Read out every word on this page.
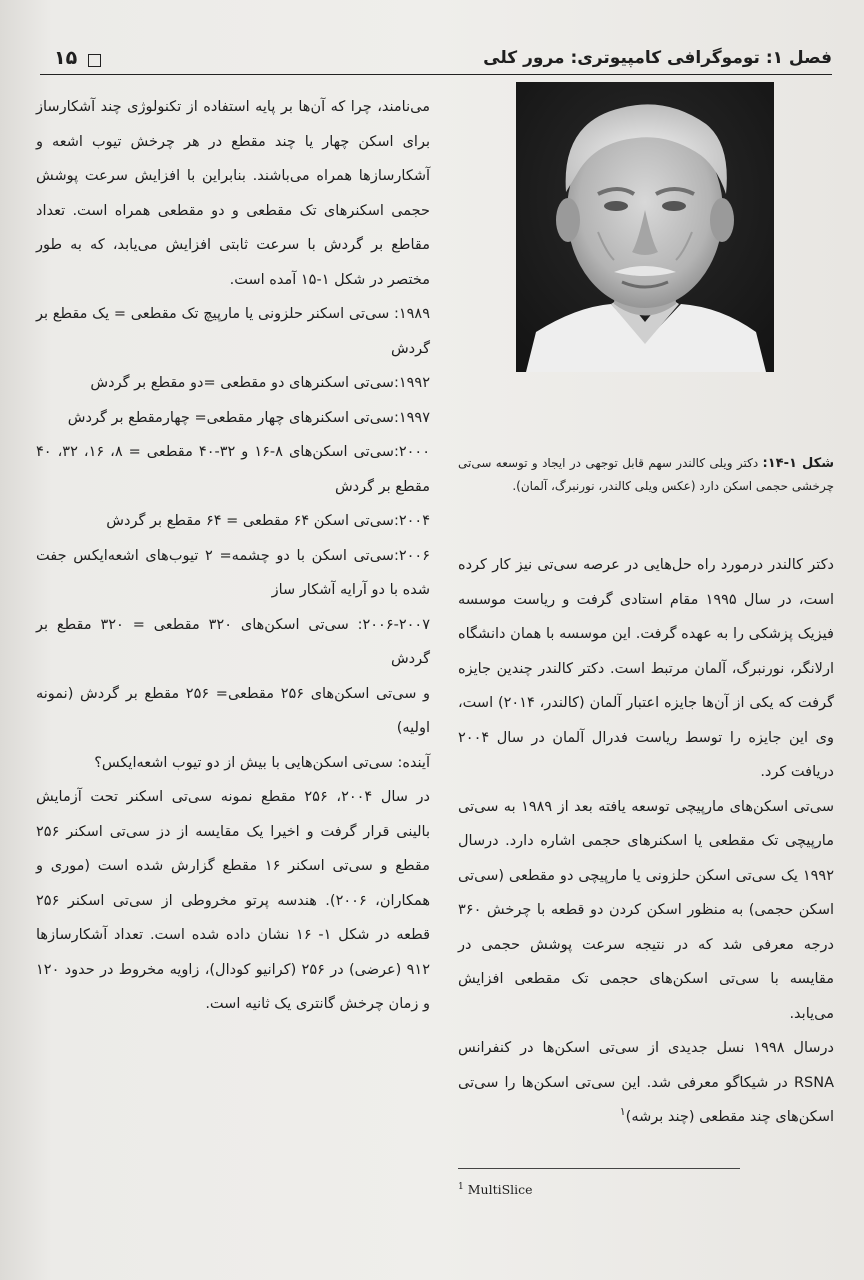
فصل ۱: توموگرافی کامپیوتری: مرور کلی
۱۵

می‌نامند، چرا که آن‌ها بر پایه استفاده از تکنولوژی چند آشکارساز برای اسکن چهار یا چند مقطع در هر چرخش تیوب اشعه و آشکارسازها همراه می‌باشند. بنابراین با افزایش سرعت پوشش حجمی اسکنرهای تک مقطعی و دو مقطعی همراه است. تعداد مقاطع بر گردش با سرعت ثابتی افزایش می‌یابد، که به طور مختصر در شکل ۱-۱۵ آمده است.

۱۹۸۹: سی‌تی اسکنر حلزونی یا مارپیچ تک مقطعی = یک مقطع بر گردش

۱۹۹۲:سی‌تی اسکنرهای دو مقطعی =دو مقطع بر گردش

۱۹۹۷:سی‌تی اسکنرهای چهار مقطعی= چهارمقطع بر گردش

۲۰۰۰:سی‌تی اسکن‌های ۸-۱۶ و ۳۲-۴۰ مقطعی = ۸، ۱۶، ۳۲، ۴۰ مقطع بر گردش

۲۰۰۴:سی‌تی اسکن ۶۴ مقطعی = ۶۴ مقطع بر گردش

۲۰۰۶:سی‌تی اسکن با دو چشمه= ۲ تیوب‌های اشعه‌ایکس جفت شده با دو آرایه آشکار ساز

۲۰۰۶-۲۰۰۷: سی‌تی اسکن‌های ۳۲۰ مقطعی = ۳۲۰ مقطع بر گردش

و سی‌تی اسکن‌های ۲۵۶ مقطعی= ۲۵۶ مقطع بر گردش (نمونه اولیه)

آینده: سی‌تی اسکن‌هایی با بیش از دو تیوب اشعه‌ایکس؟

در سال ۲۰۰۴، ۲۵۶ مقطع نمونه سی‌تی اسکنر تحت آزمایش بالینی قرار گرفت و اخیرا یک مقایسه از دز سی‌تی اسکنر ۲۵۶ مقطع و سی‌تی اسکنر ۱۶ مقطع گزارش شده است (موری و همکاران، ۲۰۰۶). هندسه پرتو مخروطی از سی‌تی اسکنر ۲۵۶ قطعه در شکل ۱- ۱۶ نشان داده شده است. تعداد آشکارسازها ۹۱۲ (عرضی) در ۲۵۶ (کرانیو کودال)، زاویه مخروط در حدود ۱۲۰ و زمان چرخش گانتری یک ثانیه است.

شکل ۱-۱۴: دکتر ویلی کالندر سهم قابل توجهی در ایجاد و توسعه سی‌تی چرخشی حجمی اسکن دارد (عکس ویلی کالندر، نورنبرگ، آلمان).

دکتر کالندر درمورد راه حل‌هایی در عرصه سی‌تی نیز کار کرده است، در سال ۱۹۹۵ مقام استادی گرفت و ریاست موسسه فیزیک پزشکی را به عهده گرفت. این موسسه با همان دانشگاه ارلانگر، نورنبرگ، آلمان مرتبط است. دکتر کالندر چندین جایزه گرفت که یکی از آن‌ها جایزه اعتبار آلمان (کالندر، ۲۰۱۴) است، وی این جایزه را توسط ریاست فدرال آلمان در سال ۲۰۰۴ دریافت کرد.

سی‌تی اسکن‌های مارپیچی توسعه یافته بعد از ۱۹۸۹ به سی‌تی مارپیچی تک مقطعی یا اسکنرهای حجمی اشاره دارد. درسال ۱۹۹۲ یک سی‌تی اسکن حلزونی یا مارپیچی دو مقطعی (سی‌تی اسکن حجمی) به منظور اسکن کردن دو قطعه با چرخش ۳۶۰ درجه معرفی شد که در نتیجه سرعت پوشش حجمی در مقایسه با سی‌تی اسکن‌های حجمی تک مقطعی افزایش می‌یابد.

درسال ۱۹۹۸ نسل جدیدی از سی‌تی اسکن‌ها در کنفرانس RSNA در شیکاگو معرفی شد. این سی‌تی اسکن‌ها را سی‌تی اسکن‌های چند مقطعی (چند برشه)$^۱$

$^1$ MultiSlice
